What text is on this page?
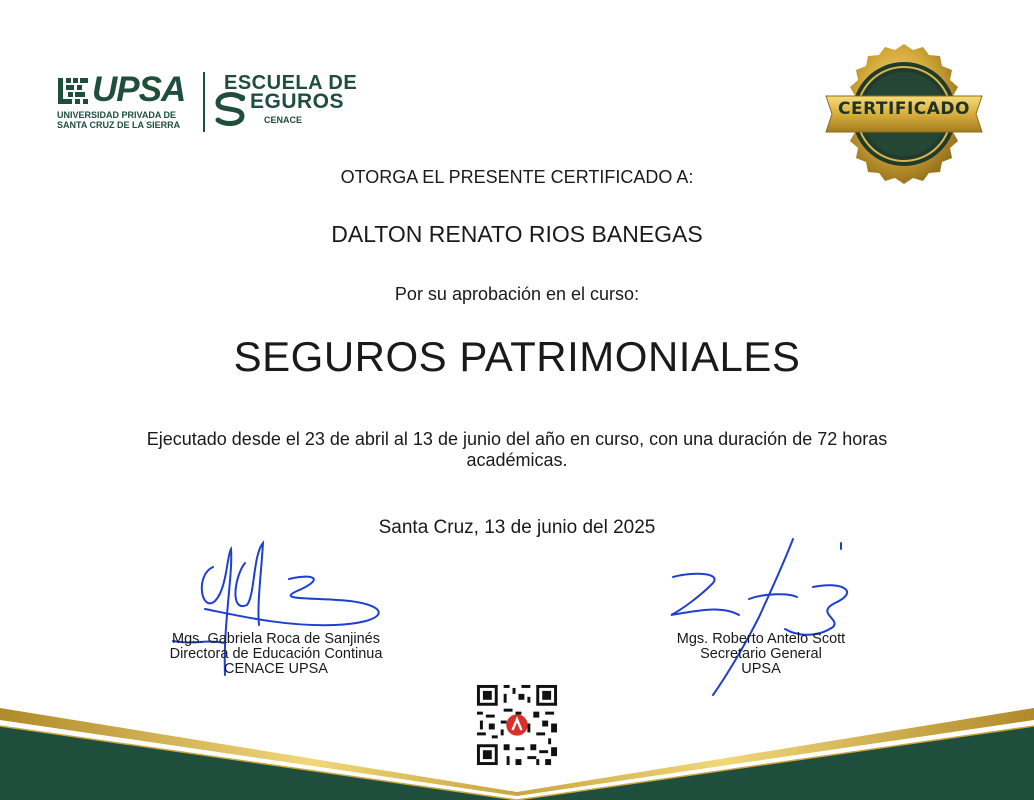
UPSA
UNIVERSIDAD PRIVADA DE
SANTA CRUZ DE LA SIERRA
ESCUELA DE
EGUROS
CENACE
CERTIFICADO
OTORGA EL PRESENTE CERTIFICADO A:
DALTON RENATO RIOS BANEGAS
Por su aprobación en el curso:
SEGUROS PATRIMONIALES
Ejecutado desde el 23 de abril al 13 de junio del año en curso, con una duración de 72 horas académicas.
Santa Cruz, 13 de junio del 2025
Mgs. Gabriela Roca de Sanjinés
Directora de Educación Continua
CENACE UPSA
Mgs. Roberto Antelo Scott
Secretario General
UPSA
